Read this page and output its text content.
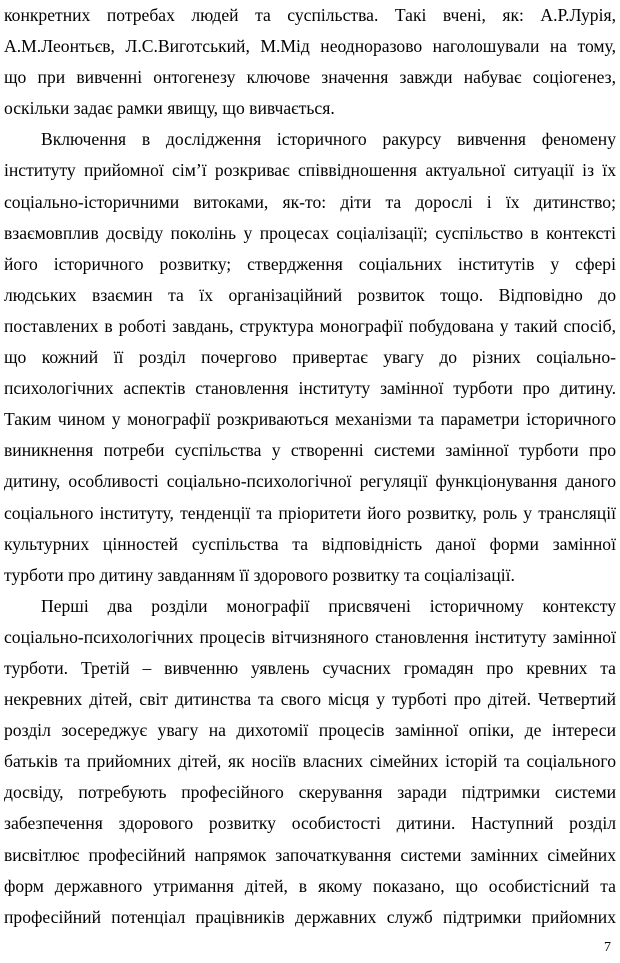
конкретних потребах людей та суспільства. Такі вчені, як: А.Р.Лурія,
А.М.Леонтьєв, Л.С.Виготський, М.Мід неодноразово наголошували на тому,
що при вивченні онтогенезу ключове значення завжди набуває соціогенез,
оскільки задає рамки явищу, що вивчається.
Включення в дослідження історичного ракурсу вивчення феномену
інституту прийомної сім’ї розкриває співвідношення актуальної ситуації із їх
соціально-історичними витоками, як-то: діти та дорослі і їх дитинство;
взаємовплив досвіду поколінь у процесах соціалізації; суспільство в контексті
його історичного розвитку; ствердження соціальних інститутів у сфері
людських взаємин та їх організаційний розвиток тощо. Відповідно до
поставлених в роботі завдань, структура монографії побудована у такий спосіб,
що кожний її розділ почергово привертає увагу до різних соціально-
психологічних аспектів становлення інституту замінної турботи про дитину.
Таким чином у монографії розкриваються механізми та параметри історичного
виникнення потреби суспільства у створенні системи замінної турботи про
дитину, особливості соціально-психологічної регуляції функціонування даного
соціального інституту, тенденції та пріоритети його розвитку, роль у трансляції
культурних цінностей суспільства та відповідність даної форми замінної
турботи про дитину завданням її здорового розвитку та соціалізації.
Перші два розділи монографії присвячені історичному контексту
соціально-психологічних процесів вітчизняного становлення інституту замінної
турботи. Третій – вивченню уявлень сучасних громадян про кревних та
некревних дітей, світ дитинства та свого місця у турботі про дітей. Четвертий
розділ зосереджує увагу на дихотомії процесів замінної опіки, де інтереси
батьків та прийомних дітей, як носіїв власних сімейних історій та соціального
досвіду, потребують професійного скерування заради підтримки системи
забезпечення здорового розвитку особистості дитини. Наступний розділ
висвітлює професійний напрямок започаткування системи замінних сімейних
форм державного утримання дітей, в якому показано, що особистісний та
професійний потенціал працівників державних служб підтримки прийомних
7
